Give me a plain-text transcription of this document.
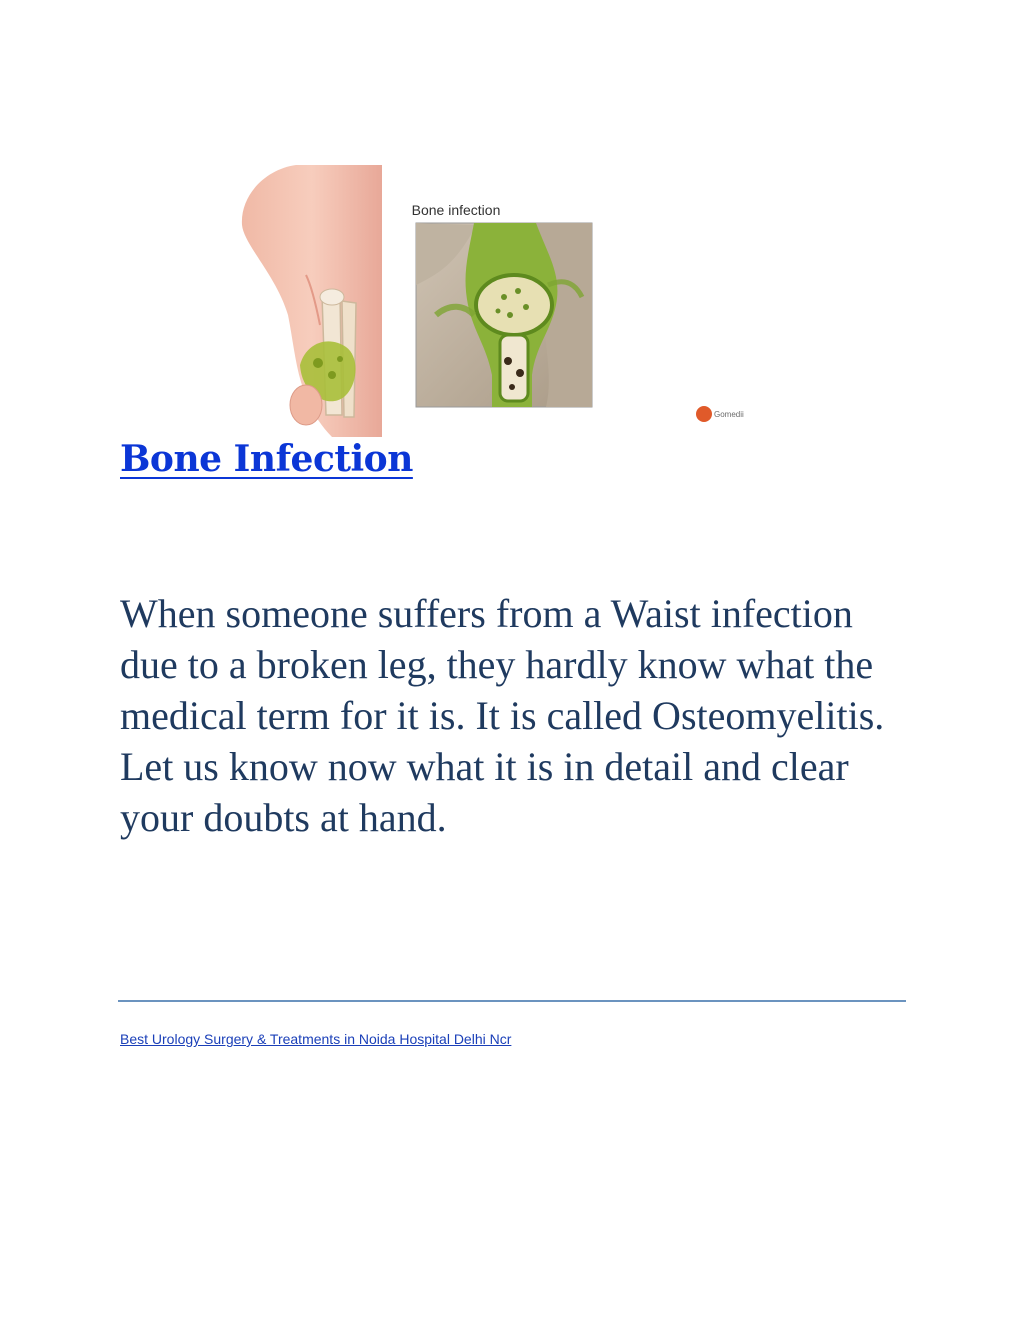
Bone infection
Gomedii
Bone Infection

When someone suffers from a Waist infection due to a broken leg, they hardly know what the medical term for it is. It is called Osteomyelitis. Let us know now what it is in detail and clear your doubts at hand.

Best Urology Surgery & Treatments in Noida Hospital Delhi Ncr
